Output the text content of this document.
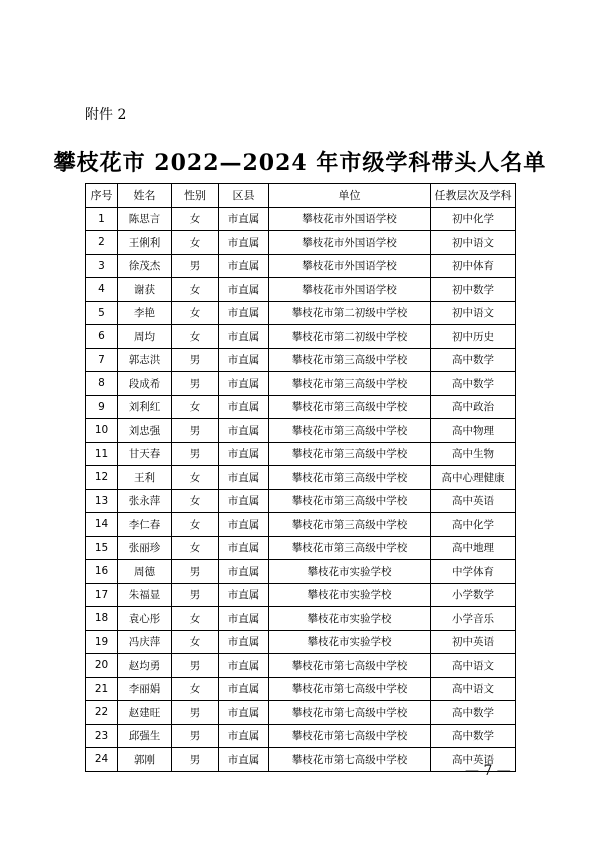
附件 2
攀枝花市 2022—2024 年市级学科带头人名单
序号	姓名	性别	区县	单位	任教层次及学科
1	陈思言	女	市直属	攀枝花市外国语学校	初中化学
2	王俐利	女	市直属	攀枝花市外国语学校	初中语文
3	徐茂杰	男	市直属	攀枝花市外国语学校	初中体育
4	谢获	女	市直属	攀枝花市外国语学校	初中数学
5	李艳	女	市直属	攀枝花市第二初级中学校	初中语文
6	周均	女	市直属	攀枝花市第二初级中学校	初中历史
7	郭志洪	男	市直属	攀枝花市第三高级中学校	高中数学
8	段成希	男	市直属	攀枝花市第三高级中学校	高中数学
9	刘利红	女	市直属	攀枝花市第三高级中学校	高中政治
10	刘忠强	男	市直属	攀枝花市第三高级中学校	高中物理
11	甘天春	男	市直属	攀枝花市第三高级中学校	高中生物
12	王利	女	市直属	攀枝花市第三高级中学校	高中心理健康
13	张永萍	女	市直属	攀枝花市第三高级中学校	高中英语
14	李仁春	女	市直属	攀枝花市第三高级中学校	高中化学
15	张丽珍	女	市直属	攀枝花市第三高级中学校	高中地理
16	周德	男	市直属	攀枝花市实验学校	中学体育
17	朱福显	男	市直属	攀枝花市实验学校	小学数学
18	袁心彤	女	市直属	攀枝花市实验学校	小学音乐
19	冯庆萍	女	市直属	攀枝花市实验学校	初中英语
20	赵均勇	男	市直属	攀枝花市第七高级中学校	高中语文
21	李丽娟	女	市直属	攀枝花市第七高级中学校	高中语文
22	赵建旺	男	市直属	攀枝花市第七高级中学校	高中数学
23	邱强生	男	市直属	攀枝花市第七高级中学校	高中数学
24	郭刚	男	市直属	攀枝花市第七高级中学校	高中英语
— 7 —
